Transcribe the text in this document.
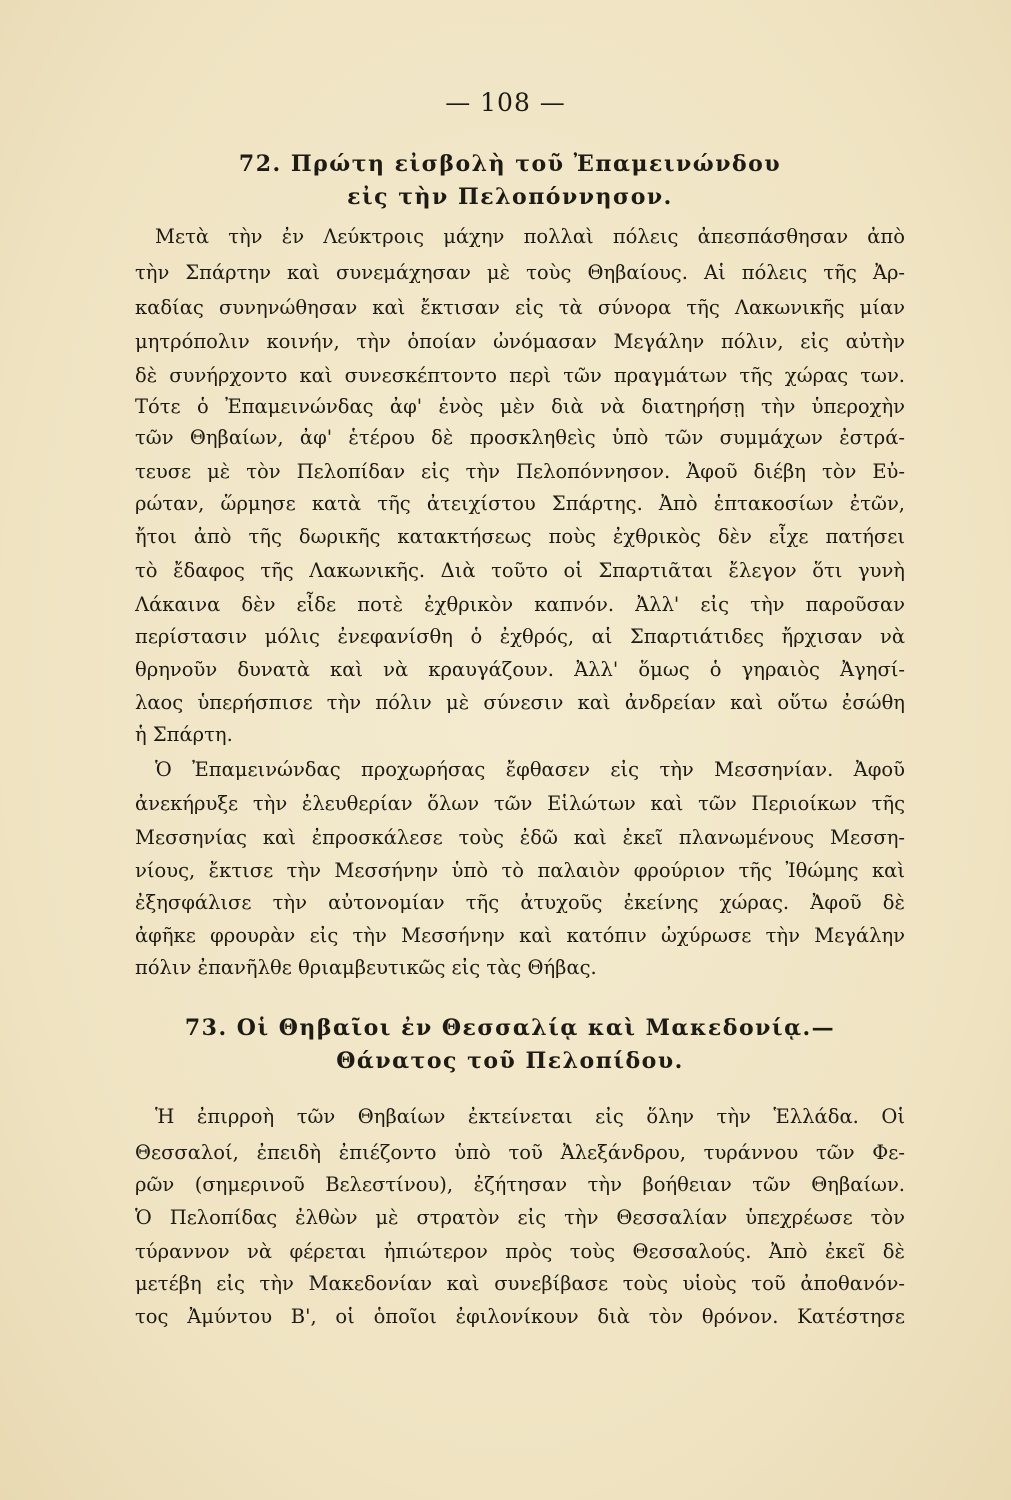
— 108 —
72. Πρώτη εἰσβολὴ τοῦ Ἐπαμεινώνδου
εἰς τὴν Πελοπόννησον.
Μετὰ τὴν ἐν Λεύκτροις μάχην πολλαὶ πόλεις ἀπεσπάσθησαν ἀπὸ
τὴν Σπάρτην καὶ συνεμάχησαν μὲ τοὺς Θηβαίους. Αἱ πόλεις τῆς Ἀρ-
καδίας συνηνώθησαν καὶ ἔκτισαν εἰς τὰ σύνορα τῆς Λακωνικῆς μίαν
μητρόπολιν κοινήν, τὴν ὁποίαν ὠνόμασαν Μεγάλην πόλιν, εἰς αὐτὴν
δὲ συνήρχοντο καὶ συνεσκέπτοντο περὶ τῶν πραγμάτων τῆς χώρας των.
Τότε ὁ Ἐπαμεινώνδας ἀφ' ἑνὸς μὲν διὰ νὰ διατηρήσῃ τὴν ὑπεροχὴν
τῶν Θηβαίων, ἀφ' ἑτέρου δὲ προσκληθεὶς ὑπὸ τῶν συμμάχων ἐστρά-
τευσε μὲ τὸν Πελοπίδαν εἰς τὴν Πελοπόννησον. Ἀφοῦ διέβη τὸν Εὐ-
ρώταν, ὥρμησε κατὰ τῆς ἀτειχίστου Σπάρτης. Ἀπὸ ἑπτακοσίων ἐτῶν,
ἤτοι ἀπὸ τῆς δωρικῆς κατακτήσεως ποὺς ἐχθρικὸς δὲν εἶχε πατήσει
τὸ ἔδαφος τῆς Λακωνικῆς. Διὰ τοῦτο οἱ Σπαρτιᾶται ἔλεγον ὅτι γυνὴ
Λάκαινα δὲν εἶδε ποτὲ ἐχθρικὸν καπνόν. Ἀλλ' εἰς τὴν παροῦσαν
περίστασιν μόλις ἐνεφανίσθη ὁ ἐχθρός, αἱ Σπαρτιάτιδες ἤρχισαν νὰ
θρηνοῦν δυνατὰ καὶ νὰ κραυγάζουν. Ἀλλ' ὅμως ὁ γηραιὸς Ἀγησί-
λαος ὑπερήσπισε τὴν πόλιν μὲ σύνεσιν καὶ ἀνδρείαν καὶ οὕτω ἐσώθη
ἡ Σπάρτη.
Ὁ Ἐπαμεινώνδας προχωρήσας ἔφθασεν εἰς τὴν Μεσσηνίαν. Ἀφοῦ
ἀνεκήρυξε τὴν ἐλευθερίαν ὅλων τῶν Εἱλώτων καὶ τῶν Περιοίκων τῆς
Μεσσηνίας καὶ ἐπροσκάλεσε τοὺς ἐδῶ καὶ ἐκεῖ πλανωμένους Μεσση-
νίους, ἔκτισε τὴν Μεσσήνην ὑπὸ τὸ παλαιὸν φρούριον τῆς Ἰθώμης καὶ
ἐξησφάλισε τὴν αὐτονομίαν τῆς ἀτυχοῦς ἐκείνης χώρας. Ἀφοῦ δὲ
ἀφῆκε φρουρὰν εἰς τὴν Μεσσήνην καὶ κατόπιν ὠχύρωσε τὴν Μεγάλην
πόλιν ἐπανῆλθε θριαμβευτικῶς εἰς τὰς Θήβας.
73. Οἱ Θηβαῖοι ἐν Θεσσαλίᾳ καὶ Μακεδονίᾳ.—
Θάνατος τοῦ Πελοπίδου.
Ἡ ἐπιρροὴ τῶν Θηβαίων ἐκτείνεται εἰς ὅλην τὴν Ἑλλάδα. Οἱ
Θεσσαλοί, ἐπειδὴ ἐπιέζοντο ὑπὸ τοῦ Ἀλεξάνδρου, τυράννου τῶν Φε-
ρῶν (σημερινοῦ Βελεστίνου), ἐζήτησαν τὴν βοήθειαν τῶν Θηβαίων.
Ὁ Πελοπίδας ἐλθὼν μὲ στρατὸν εἰς τὴν Θεσσαλίαν ὑπεχρέωσε τὸν
τύραννον νὰ φέρεται ἠπιώτερον πρὸς τοὺς Θεσσαλούς. Ἀπὸ ἐκεῖ δὲ
μετέβη εἰς τὴν Μακεδονίαν καὶ συνεβίβασε τοὺς υἱοὺς τοῦ ἀποθανόν-
τος Ἀμύντου Β', οἱ ὁποῖοι ἐφιλονίκουν διὰ τὸν θρόνον. Κατέστησε
